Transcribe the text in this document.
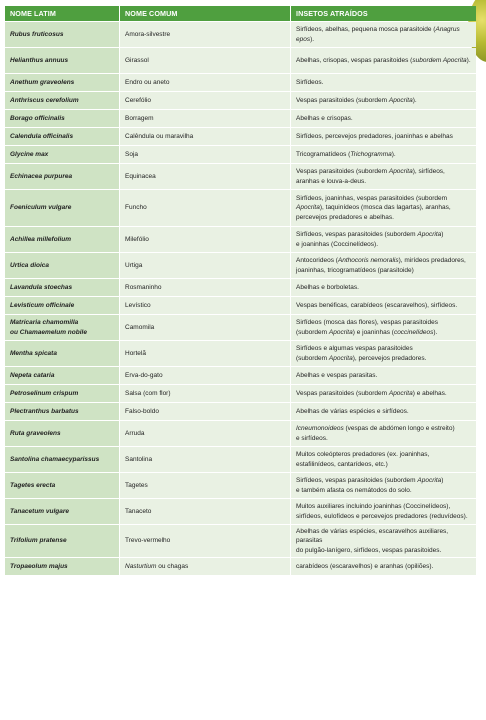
NOME LATIM	NOME COMUM	INSETOS ATRAÍDOS
Rubus fruticosus	Amora-silvestre	Sirfídeos, abelhas, pequena mosca parasitoide (Anagrus epos).
Helianthus annuus	Girassol	Abelhas, crisopas, vespas parasitoides (subordem Apocrita).
Anethum graveolens	Endro ou aneto	Sirfídeos.
Anthriscus cerefolium	Cerefólio	Vespas parasitoides (subordem Apocrita).
Borago officinalis	Borragem	Abelhas e crisopas.
Calendula officinalis	Calêndula ou maravilha	Sirfídeos, percevejos predadores, joaninhas e abelhas
Glycine max	Soja	Tricogramatídeos (Trichogramma).
Echinacea purpurea	Equinacea	Vespas parasitoides (subordem Apocrita), sirfídeos,
aranhas e louva-a-deus.
Foeniculum vulgare	Funcho	Sirfídeos, joaninhas, vespas parasitoides (subordem
Apocrita), taquinídeos (mosca das lagartas), aranhas,
percevejos predadores e abelhas.
Achillea millefolium	Milefólio	Sirfídeos, vespas parasitoides (subordem Apocrita)
e joaninhas (Coccinelídeos).
Urtica dioica	Urtiga	Antocorideos (Anthocoris nemoralis), mirídeos predadores,
joaninhas, tricogramatídeos (parasitoide)
Lavandula stoechas	Rosmaninho	Abelhas e borboletas.
Levisticum officinale	Levístico	Vespas benéficas, carabídeos (escaravelhos), sirfídeos.
Matricaria chamomilla
ou Chamaemelum nobile	Camomila	Sirfídeos (mosca das flores), vespas parasitoides
(subordem Apocrita) e joaninhas (coccinelídeos).
Mentha spicata	Hortelã	Sirfídeos e algumas vespas parasitoides
(subordem Apocrita), percevejos predadores.
Nepeta cataria	Erva-do-gato	Abelhas e vespas parasitas.
Petroselinum crispum	Salsa (com flor)	Vespas parasitoides (subordem Apocrita) e abelhas.
Plectranthus barbatus	Falso-boldo	Abelhas de várias espécies e sirfídeos.
Ruta graveolens	Arruda	Icneumonoideos (vespas de abdómen longo e estreito)
e sirfídeos.
Santolina chamaecyparissus	Santolina	Muitos coleópteros predadores (ex. joaninhas,
estafilinídeos, cantarídeos, etc.)
Tagetes erecta	Tagetes	Sirfídeos, vespas parasitoides (subordem Apocrita)
e também afasta os nemátodos do solo.
Tanacetum vulgare	Tanaceto	Muitos auxiliares incluindo joaninhas (Coccinelídeos),
sirfídeos, eulofídeos e percevejos predadores (reduvídeos).
Trifolium pratense	Trevo-vermelho	Abelhas de várias espécies, escaravelhos auxiliares, parasitas
do pulgão-lanígero, sirfídeos, vespas parasitoides.
Tropaeolum majus	Nasturtium ou chagas	carabídeos (escaravelhos) e aranhas (opiliões).
